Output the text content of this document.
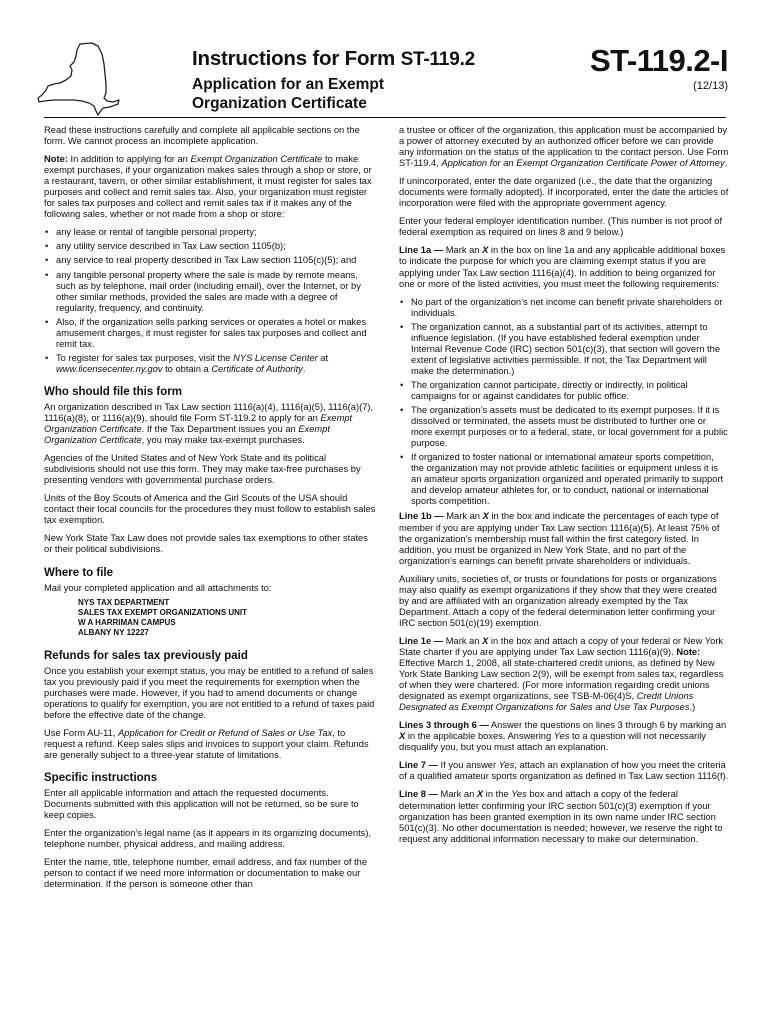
Instructions for Form ST-119.2
Application for an Exempt
Organization Certificate
ST-119.2-I
(12/13)

Read these instructions carefully and complete all applicable sections on the form. We cannot process an incomplete application.

Note: In addition to applying for an Exempt Organization Certificate to make exempt purchases, if your organization makes sales through a shop or store, or a restaurant, tavern, or other similar establishment, it must register for sales tax purposes and collect and remit sales tax. Also, your organization must register for sales tax purposes and collect and remit sales tax if it makes any of the following sales, whether or not made from a shop or store:

• any lease or rental of tangible personal property;
• any utility service described in Tax Law section 1105(b);
• any service to real property described in Tax Law section 1105(c)(5); and
• any tangible personal property where the sale is made by remote means, such as by telephone, mail order (including email), over the Internet, or by other similar methods, provided the sales are made with a degree of regularity, frequency, and continuity.
• Also, if the organization sells parking services or operates a hotel or makes amusement charges, it must register for sales tax purposes and collect and remit tax.
• To register for sales tax purposes, visit the NYS License Center at www.licensecenter.ny.gov to obtain a Certificate of Authority.
Who should file this form

An organization described in Tax Law section 1116(a)(4), 1116(a)(5), 1116(a)(7), 1116(a)(8), or 1116(a)(9), should file Form ST-119.2 to apply for an Exempt Organization Certificate. If the Tax Department issues you an Exempt Organization Certificate, you may make tax-exempt purchases.

Agencies of the United States and of New York State and its political subdivisions should not use this form. They may make tax-free purchases by presenting vendors with governmental purchase orders.

Units of the Boy Scouts of America and the Girl Scouts of the USA should contact their local councils for the procedures they must follow to establish sales tax exemption.

New York State Tax Law does not provide sales tax exemptions to other states or their political subdivisions.

Where to file

Mail your completed application and all attachments to:

NYS TAX DEPARTMENT
SALES TAX EXEMPT ORGANIZATIONS UNIT
W A HARRIMAN CAMPUS
ALBANY NY 12227
Refunds for sales tax previously paid

Once you establish your exempt status, you may be entitled to a refund of sales tax you previously paid if you meet the requirements for exemption when the purchases were made. However, if you had to amend documents or change operations to qualify for exemption, you are not entitled to a refund of taxes paid before the effective date of the change.

Use Form AU-11, Application for Credit or Refund of Sales or Use Tax, to request a refund. Keep sales slips and invoices to support your claim. Refunds are generally subject to a three-year statute of limitations.

Specific instructions

Enter all applicable information and attach the requested documents. Documents submitted with this application will not be returned, so be sure to keep copies.

Enter the organization’s legal name (as it appears in its organizing documents), telephone number, physical address, and mailing address.

Enter the name, title, telephone number, email address, and fax number of the person to contact if we need more information or documentation to make our determination. If the person is someone other than

a trustee or officer of the organization, this application must be accompanied by a power of attorney executed by an authorized officer before we can provide any information on the status of the application to the contact person. Use Form ST-119.4, Application for an Exempt Organization Certificate Power of Attorney.

If unincorporated, enter the date organized (i.e., the date that the organizing documents were formally adopted). If incorporated, enter the date the articles of incorporation were filed with the appropriate government agency.

Enter your federal employer identification number. (This number is not proof of federal exemption as required on lines 8 and 9 below.)

Line 1a — Mark an X in the box on line 1a and any applicable additional boxes to indicate the purpose for which you are claiming exempt status if you are applying under Tax Law section 1116(a)(4). In addition to being organized for one or more of the listed activities, you must meet the following requirements:

• No part of the organization’s net income can benefit private shareholders or individuals.
• The organization cannot, as a substantial part of its activities, attempt to influence legislation. (If you have established federal exemption under Internal Revenue Code (IRC) section 501(c)(3), that section will govern the extent of legislative activities permissible. If not, the Tax Department will make the determination.)
• The organization cannot participate, directly or indirectly, in political campaigns for or against candidates for public office.
• The organization’s assets must be dedicated to its exempt purposes. If it is dissolved or terminated, the assets must be distributed to further one or more exempt purposes or to a federal, state, or local government for a public purpose.
• If organized to foster national or international amateur sports competition, the organization may not provide athletic facilities or equipment unless it is an amateur sports organization organized and operated primarily to support and develop amateur athletes for, or to conduct, national or international sports competition.

Line 1b — Mark an X in the box and indicate the percentages of each type of member if you are applying under Tax Law section 1116(a)(5). At least 75% of the organization’s membership must fall within the first category listed. In addition, you must be organized in New York State, and no part of the organization’s earnings can benefit private shareholders or individuals.

Auxiliary units, societies of, or trusts or foundations for posts or organizations may also qualify as exempt organizations if they show that they were created by and are affiliated with an organization already exempted by the Tax Department. Attach a copy of the federal determination letter confirming your IRC section 501(c)(19) exemption.

Line 1e — Mark an X in the box and attach a copy of your federal or New York State charter if you are applying under Tax Law section 1116(a)(9). Note: Effective March 1, 2008, all state-chartered credit unions, as defined by New York State Banking Law section 2(9), will be exempt from sales tax, regardless of when they were chartered. (For more information regarding credit unions designated as exempt organizations, see TSB-M-06(4)S, Credit Unions Designated as Exempt Organizations for Sales and Use Tax Purposes.)

Lines 3 through 6 — Answer the questions on lines 3 through 6 by marking an X in the applicable boxes. Answering Yes to a question will not necessarily disqualify you, but you must attach an explanation.

Line 7 — If you answer Yes, attach an explanation of how you meet the criteria of a qualified amateur sports organization as defined in Tax Law section 1116(f).

Line 8 — Mark an X in the Yes box and attach a copy of the federal determination letter confirming your IRC section 501(c)(3) exemption if your organization has been granted exemption in its own name under IRC section 501(c)(3). No other documentation is needed; however, we reserve the right to request any additional information necessary to make our determination.
